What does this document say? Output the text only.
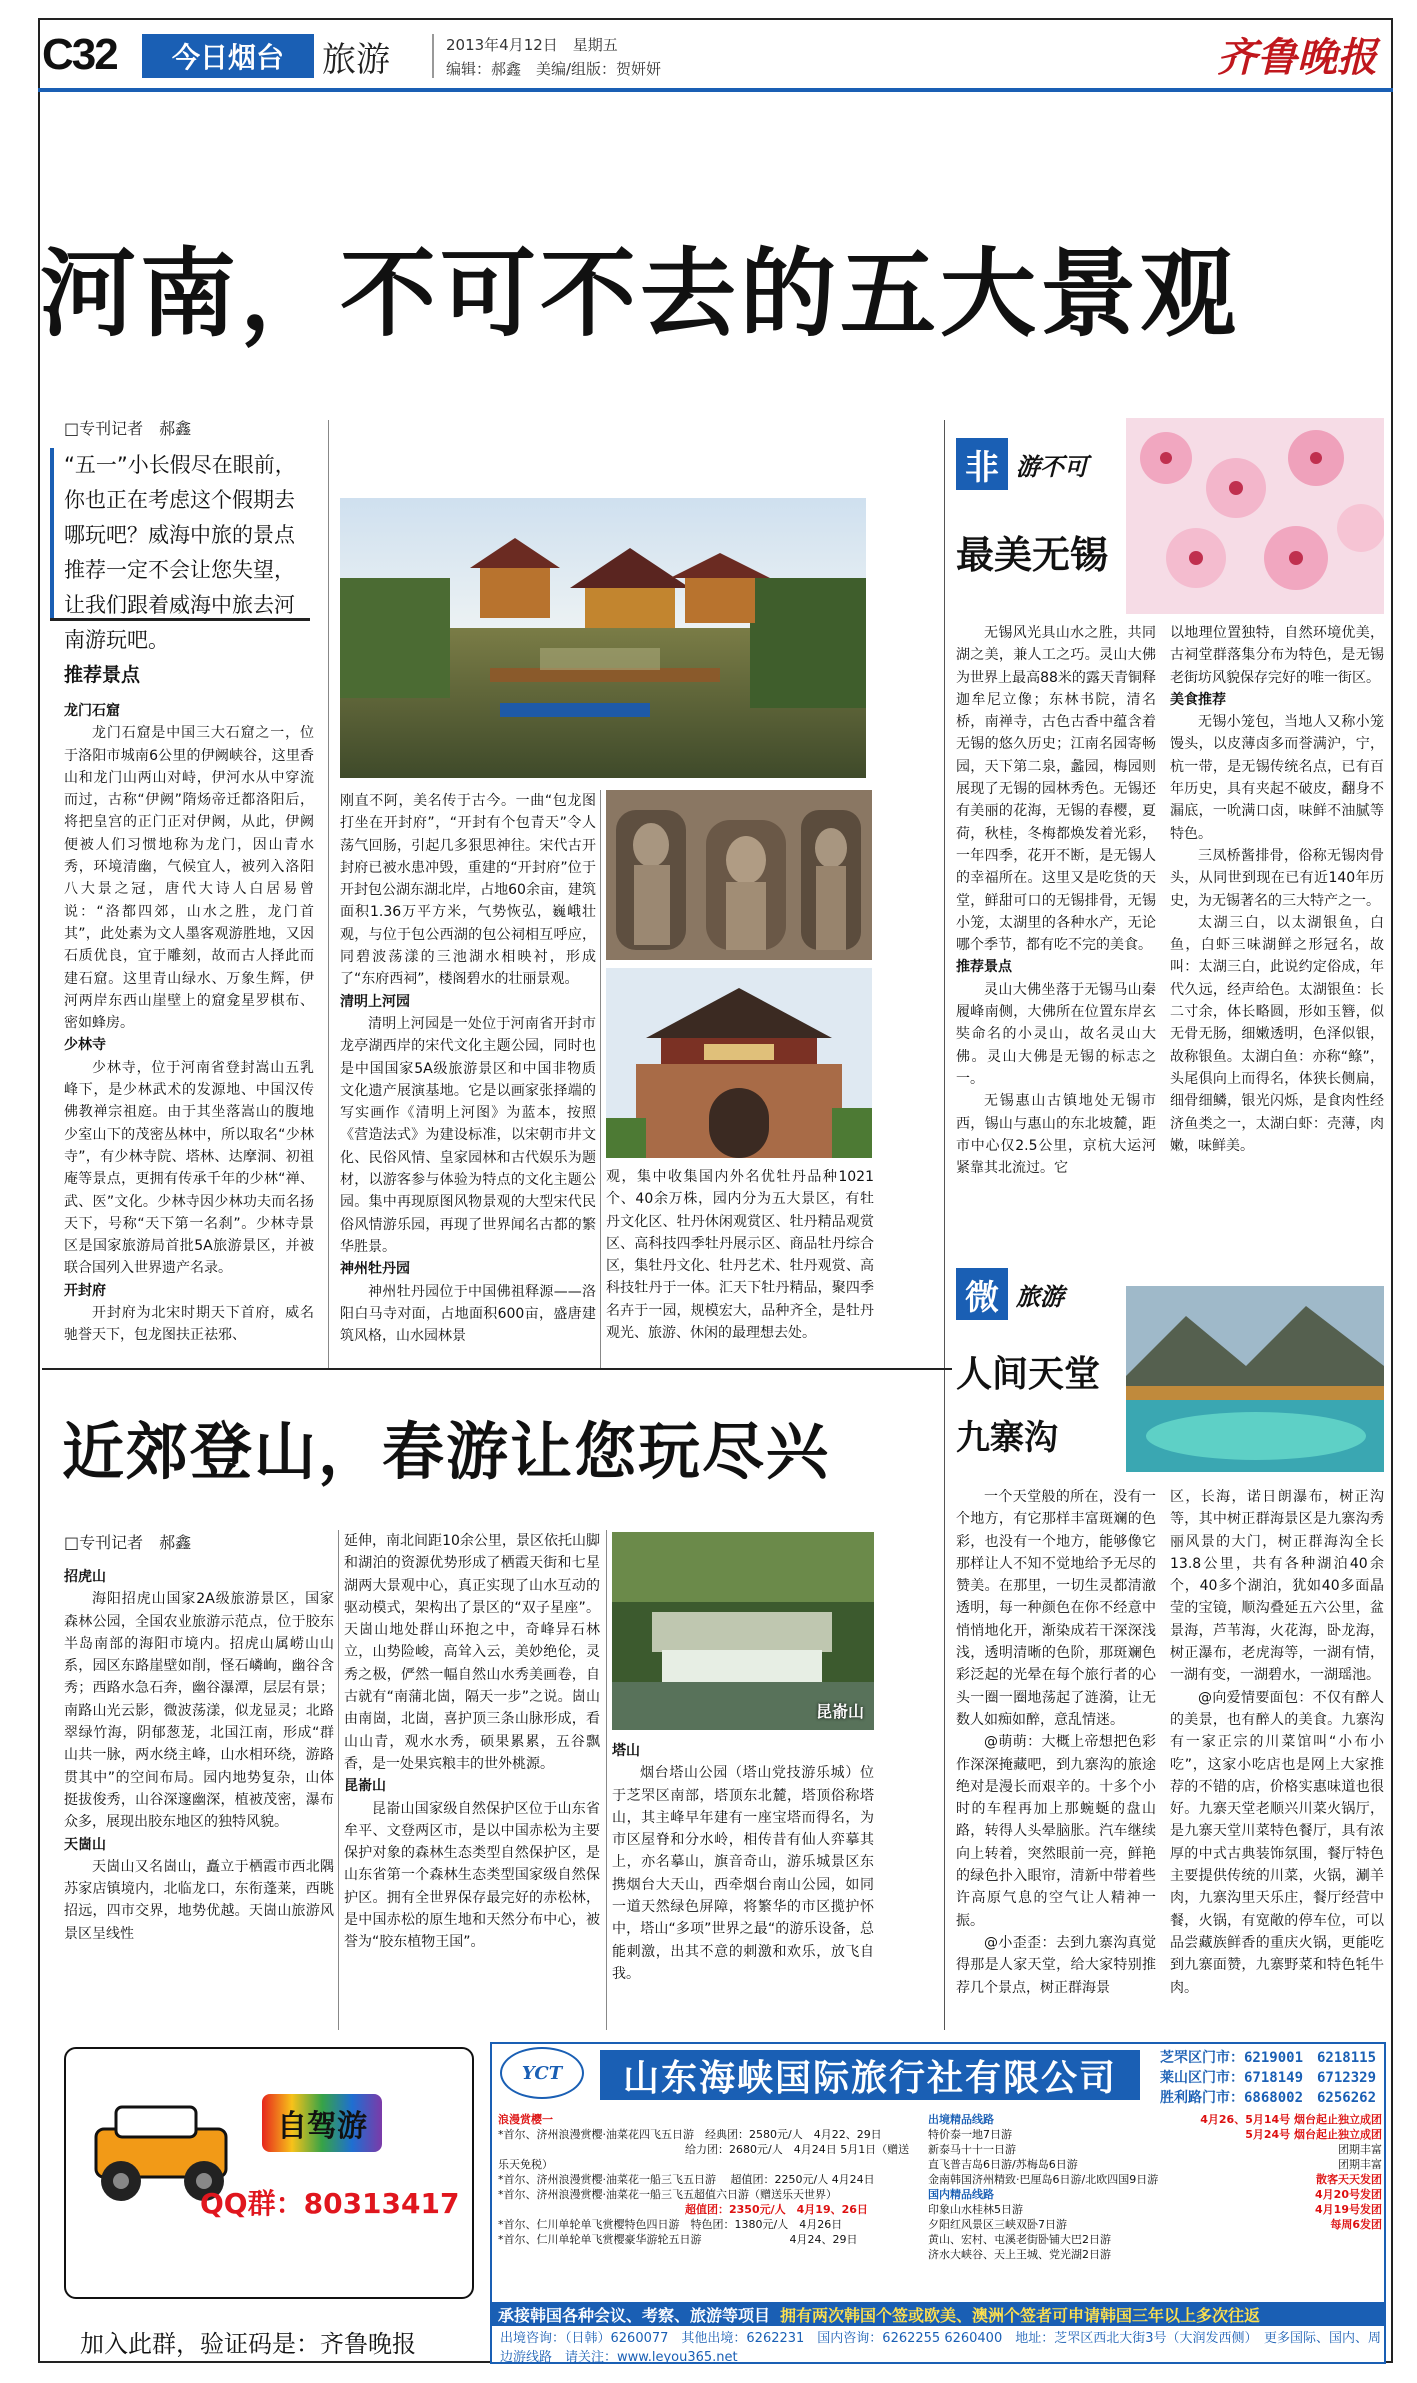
C32	今日烟台	旅游	2013年4月12日　星期五
编辑：郝鑫　美编/组版：贺妍妍	齐鲁晚报
河南，不可不去的五大景观
□专刊记者　郝鑫
“五一”小长假尽在眼前，你也正在考虑这个假期去哪玩吧？威海中旅的景点推荐一定不会让您失望，让我们跟着威海中旅去河南游玩吧。
推荐景点

龙门石窟

龙门石窟是中国三大石窟之一，位于洛阳市城南6公里的伊阙峡谷，这里香山和龙门山两山对峙，伊河水从中穿流而过，古称“伊阙”隋炀帝迁都洛阳后，将把皇宫的正门正对伊阙，从此，伊阙便被人们习惯地称为龙门，因山青水秀，环境清幽，气候宜人，被列入洛阳八大景之冠，唐代大诗人白居易曾说：“洛都四郊，山水之胜，龙门首其”，此处素为文人墨客观游胜地，又因石质优良，宜于雕刻，故而古人择此而建石窟。这里青山绿水、万象生辉，伊河两岸东西山崖壁上的窟龛星罗棋布、密如蜂房。

少林寺

少林寺，位于河南省登封嵩山五乳峰下，是少林武术的发源地、中国汉传佛教禅宗祖庭。由于其坐落嵩山的腹地少室山下的茂密丛林中，所以取名“少林寺”，有少林寺院、塔林、达摩洞、初祖庵等景点，更拥有传承千年的少林“禅、武、医”文化。少林寺因少林功夫而名扬天下，号称“天下第一名刹”。少林寺景区是国家旅游局首批5A旅游景区，并被联合国列入世界遗产名录。

开封府

开封府为北宋时期天下首府，威名驰誉天下，包龙图扶正祛邪、

刚直不阿，美名传于古今。一曲“包龙图打坐在开封府”，“开封有个包青天”令人荡气回肠，引起几多狠思神往。宋代古开封府已被水患冲毁，重建的“开封府”位于开封包公湖东湖北岸，占地60余亩，建筑面积1.36万平方米，气势恢弘，巍峨壮观，与位于包公西湖的包公祠相互呼应，同碧波荡漾的三池湖水相映衬，形成了“东府西祠”，楼阁碧水的壮丽景观。

清明上河园

清明上河园是一处位于河南省开封市龙亭湖西岸的宋代文化主题公园，同时也是中国国家5A级旅游景区和中国非物质文化遗产展演基地。它是以画家张择端的写实画作《清明上河图》为蓝本，按照《营造法式》为建设标准，以宋朝市井文化、民俗风情、皇家园林和古代娱乐为题材，以游客参与体验为特点的文化主题公园。集中再现原图风物景观的大型宋代民俗风情游乐园，再现了世界闻名古都的繁华胜景。

神州牡丹园

神州牡丹园位于中国佛祖释源——洛阳白马寺对面，占地面积600亩，盛唐建筑风格，山水园林景

观，集中收集国内外名优牡丹品种1021个、40余万株，园内分为五大景区，有牡丹文化区、牡丹休闲观赏区、牡丹精品观赏区、高科技四季牡丹展示区、商品牡丹综合区，集牡丹文化、牡丹艺术、牡丹观赏、高科技牡丹于一体。汇天下牡丹精品，聚四季名卉于一园，规模宏大，品种齐全，是牡丹观光、旅游、休闲的最理想去处。

非 游不可
最美无锡

无锡风光具山水之胜，共同湖之美，兼人工之巧。灵山大佛为世界上最高88米的露天青铜释迦牟尼立像；东林书院，清名桥，南禅寺，古色古香中蕴含着无锡的悠久历史；江南名园寄畅园，天下第二泉，蠡园，梅园则展现了无锡的园林秀色。无锡还有美丽的花海，无锡的春樱，夏荷，秋桂，冬梅都焕发着光彩，一年四季，花开不断，是无锡人的幸福所在。这里又是吃货的天堂，鲜甜可口的无锡排骨，无锡小笼，太湖里的各种水产，无论哪个季节，都有吃不完的美食。

推荐景点

灵山大佛坐落于无锡马山秦履峰南侧，大佛所在位置东岸玄奘命名的小灵山，故名灵山大佛。灵山大佛是无锡的标志之一。

无锡惠山古镇地处无锡市西，锡山与惠山的东北坡麓，距市中心仅2.5公里，京杭大运河紧靠其北流过。它

以地理位置独特，自然环境优美，古祠堂群落集分布为特色，是无锡老街坊风貌保存完好的唯一街区。

美食推荐

无锡小笼包，当地人又称小笼馒头，以皮薄卤多而誉满沪，宁，杭一带，是无锡传统名点，已有百年历史，具有夹起不破皮，翻身不漏底，一吮满口卤，味鲜不油腻等特色。

三凤桥酱排骨，俗称无锡肉骨头，从同世到现在已有近140年历史，为无锡著名的三大特产之一。

太湖三白，以太湖银鱼，白鱼，白虾三味湖鲜之形冠名，故叫：太湖三白，此说约定俗成，年代久远，经声给色。太湖银鱼：长二寸余，体长略圆，形如玉簪，似无骨无肠，细嫩透明，色泽似银，故称银鱼。太湖白鱼：亦称“鲦”，头尾俱向上而得名，体狭长侧扁，细骨细鳞，银光闪烁，是食肉性经济鱼类之一，太湖白虾：壳薄，肉嫩，味鲜美。

微 旅游
人间天堂
九寨沟

一个天堂般的所在，没有一个地方，有它那样丰富斑斓的色彩，也没有一个地方，能够像它那样让人不知不觉地给予无尽的赞美。在那里，一切生灵都清澈透明，每一种颜色在你不经意中悄悄地化开，渐染成若干深深浅浅，透明清晰的色阶，那斑斓色彩泛起的光晕在每个旅行者的心头一圈一圈地荡起了涟漪，让无数人如痴如醉，意乱情迷。

@萌萌：大概上帝想把色彩作深深掩藏吧，到九寨沟的旅途绝对是漫长而艰辛的。十多个小时的车程再加上那蜿蜒的盘山路，转得人头晕脑胀。汽车继续向上转着，突然眼前一亮，鲜艳的绿色扑入眼帘，清新中带着些许高原气息的空气让人精神一振。

@小歪歪：去到九寨沟真觉得那是人家天堂，给大家特别推荐几个景点，树正群海景

区，长海，诺日朗瀑布，树正沟等，其中树正群海景区是九寨沟秀丽风景的大门，树正群海沟全长13.8公里，共有各种湖泊40余个，40多个湖泊，犹如40多面晶莹的宝镜，顺沟叠延五六公里，盆景海，芦苇海，火花海，卧龙海，树正瀑布，老虎海等，一湖有情，一湖有变，一湖碧水，一湖瑶池。

@向爱情要面包：不仅有醉人的美景，也有醉人的美食。九寨沟有一家正宗的川菜馆叫“小布小吃”，这家小吃店也是网上大家推荐的不错的店，价格实惠味道也很好。九寨天堂老顺兴川菜火锅厅，是九寨天堂川菜特色餐厅，具有浓厚的中式古典装饰氛围，餐厅特色主要提供传统的川菜，火锅，涮羊肉，九寨沟里天乐庄，餐厅经营中餐，火锅，有宽敞的停车位，可以品尝藏族鲜香的重庆火锅，更能吃到九寨面赞，九寨野菜和特色牦牛肉。

近郊登山，春游让您玩尽兴
□专刊记者　郝鑫

招虎山

海阳招虎山国家2A级旅游景区，国家森林公园，全国农业旅游示范点，位于胶东半岛南部的海阳市境内。招虎山属崂山山系，园区东路崖壁如削，怪石嶙峋，幽谷含秀；西路水急石奔，幽谷瀑潭，层层有景；南路山光云影，微波荡漾，似龙显灵；北路翠绿竹海，阴郁葱茏，北国江南，形成“群山共一脉，两水绕主峰，山水相环绕，游路贯其中”的空间布局。园内地势复杂，山体挺拔俊秀，山谷深邃幽深，植被茂密，瀑布众多，展现出胶东地区的独特风貌。

天崮山

天崮山又名崮山，矗立于栖霞市西北隅苏家店镇境内，北临龙口，东衔蓬莱，西眺招远，四市交界，地势优越。天崮山旅游风景区呈线性

延伸，南北间距10余公里，景区依托山脚和湖泊的资源优势形成了栖霞天街和七星湖两大景观中心，真正实现了山水互动的驱动模式，架构出了景区的“双子星座”。天崮山地处群山环抱之中，奇峰异石林立，山势险峻，高耸入云，美妙绝伦，灵秀之极，俨然一幅自然山水秀美画卷，自古就有“南蒲北崮，隔天一步”之说。崮山由南崮，北崮，喜护顶三条山脉形成，看山山青，观水水秀，硕果累累，五谷飘香，是一处果宾粮丰的世外桃源。

昆嵛山

昆嵛山国家级自然保护区位于山东省牟平、文登两区市，是以中国赤松为主要保护对象的森林生态类型自然保护区，是山东省第一个森林生态类型国家级自然保护区。拥有全世界保存最完好的赤松林，是中国赤松的原生地和天然分布中心，被誉为“胶东植物王国”。

昆嵛山

塔山

烟台塔山公园（塔山党技游乐城）位于芝罘区南部，塔顶东北麓，塔顶俗称塔山，其主峰早年建有一座宝塔而得名，为市区屋脊和分水岭，相传昔有仙人弈摹其上，亦名摹山，旗音奇山，游乐城景区东携烟台大天山，西牵烟台南山公园，如同一道天然绿色屏障，将繁华的市区揽护怀中，塔山“多项”世界之最“的游乐设备，总能刺激，出其不意的刺激和欢乐，放飞自我。

自驾游
QQ群：80313417
加入此群，验证码是：齐鲁晚报
YCT	山东海峡国际旅行社有限公司	芝罘区门市：6219001　6218115
莱山区门市：6718149　6712329
胜利路门市：6868002　6256262
浪漫赏樱一
*首尔、济州浪漫赏樱·油菜花四飞五日游　经典团：2580元/人　4月22、29日
　　　　　　　　　　　　　　　　　给力团：2680元/人　4月24日 5月1日（赠送乐天免税）
*首尔、济州浪漫赏樱·油菜花一船三飞五日游　 超值团：2250元/人 4月24日
*首尔、济州浪漫赏樱·油菜花一船三飞五超值六日游（赠送乐天世界）
　　　　　　　　　　　　　　　　　超值团：2350元/人　4月19、26日
*首尔、仁川单轮单飞赏樱特色四日游　特色团：1380元/人　4月26日
*首尔、仁川单轮单飞赏樱豪华游轮五日游　　　　　　　　4月24、29日
出境精品线路
特价泰一地7日游
新泰马十十一日游
直飞普吉岛6日游/苏梅岛6日游
金南韩国济州精致·巴厘岛6日游/北欧四国9日游
国内精品线路
印象山水桂林5日游
夕阳红风景区三峡双卧7日游
黄山、宏村、屯溪老街卧铺大巴2日游
济水大峡谷、天上王城、党光湖2日游
4月26、5月14号 烟台起止独立成团
5月24号 烟台起止独立成团
团期丰富
团期丰富
散客天天发团
4月20号发团
4月19号发团
每周6发团
承接韩国各种会议、考察、旅游等项目 拥有两次韩国个签或欧美、澳洲个签者可申请韩国三年以上多次往返
出境咨询：（日韩）6260077　其他出境：6262231　国内咨询：6262255 6260400　地址：芝罘区西北大街3号（大润发西侧）　更多国际、国内、周边游线路　请关注：www.leyou365.net
